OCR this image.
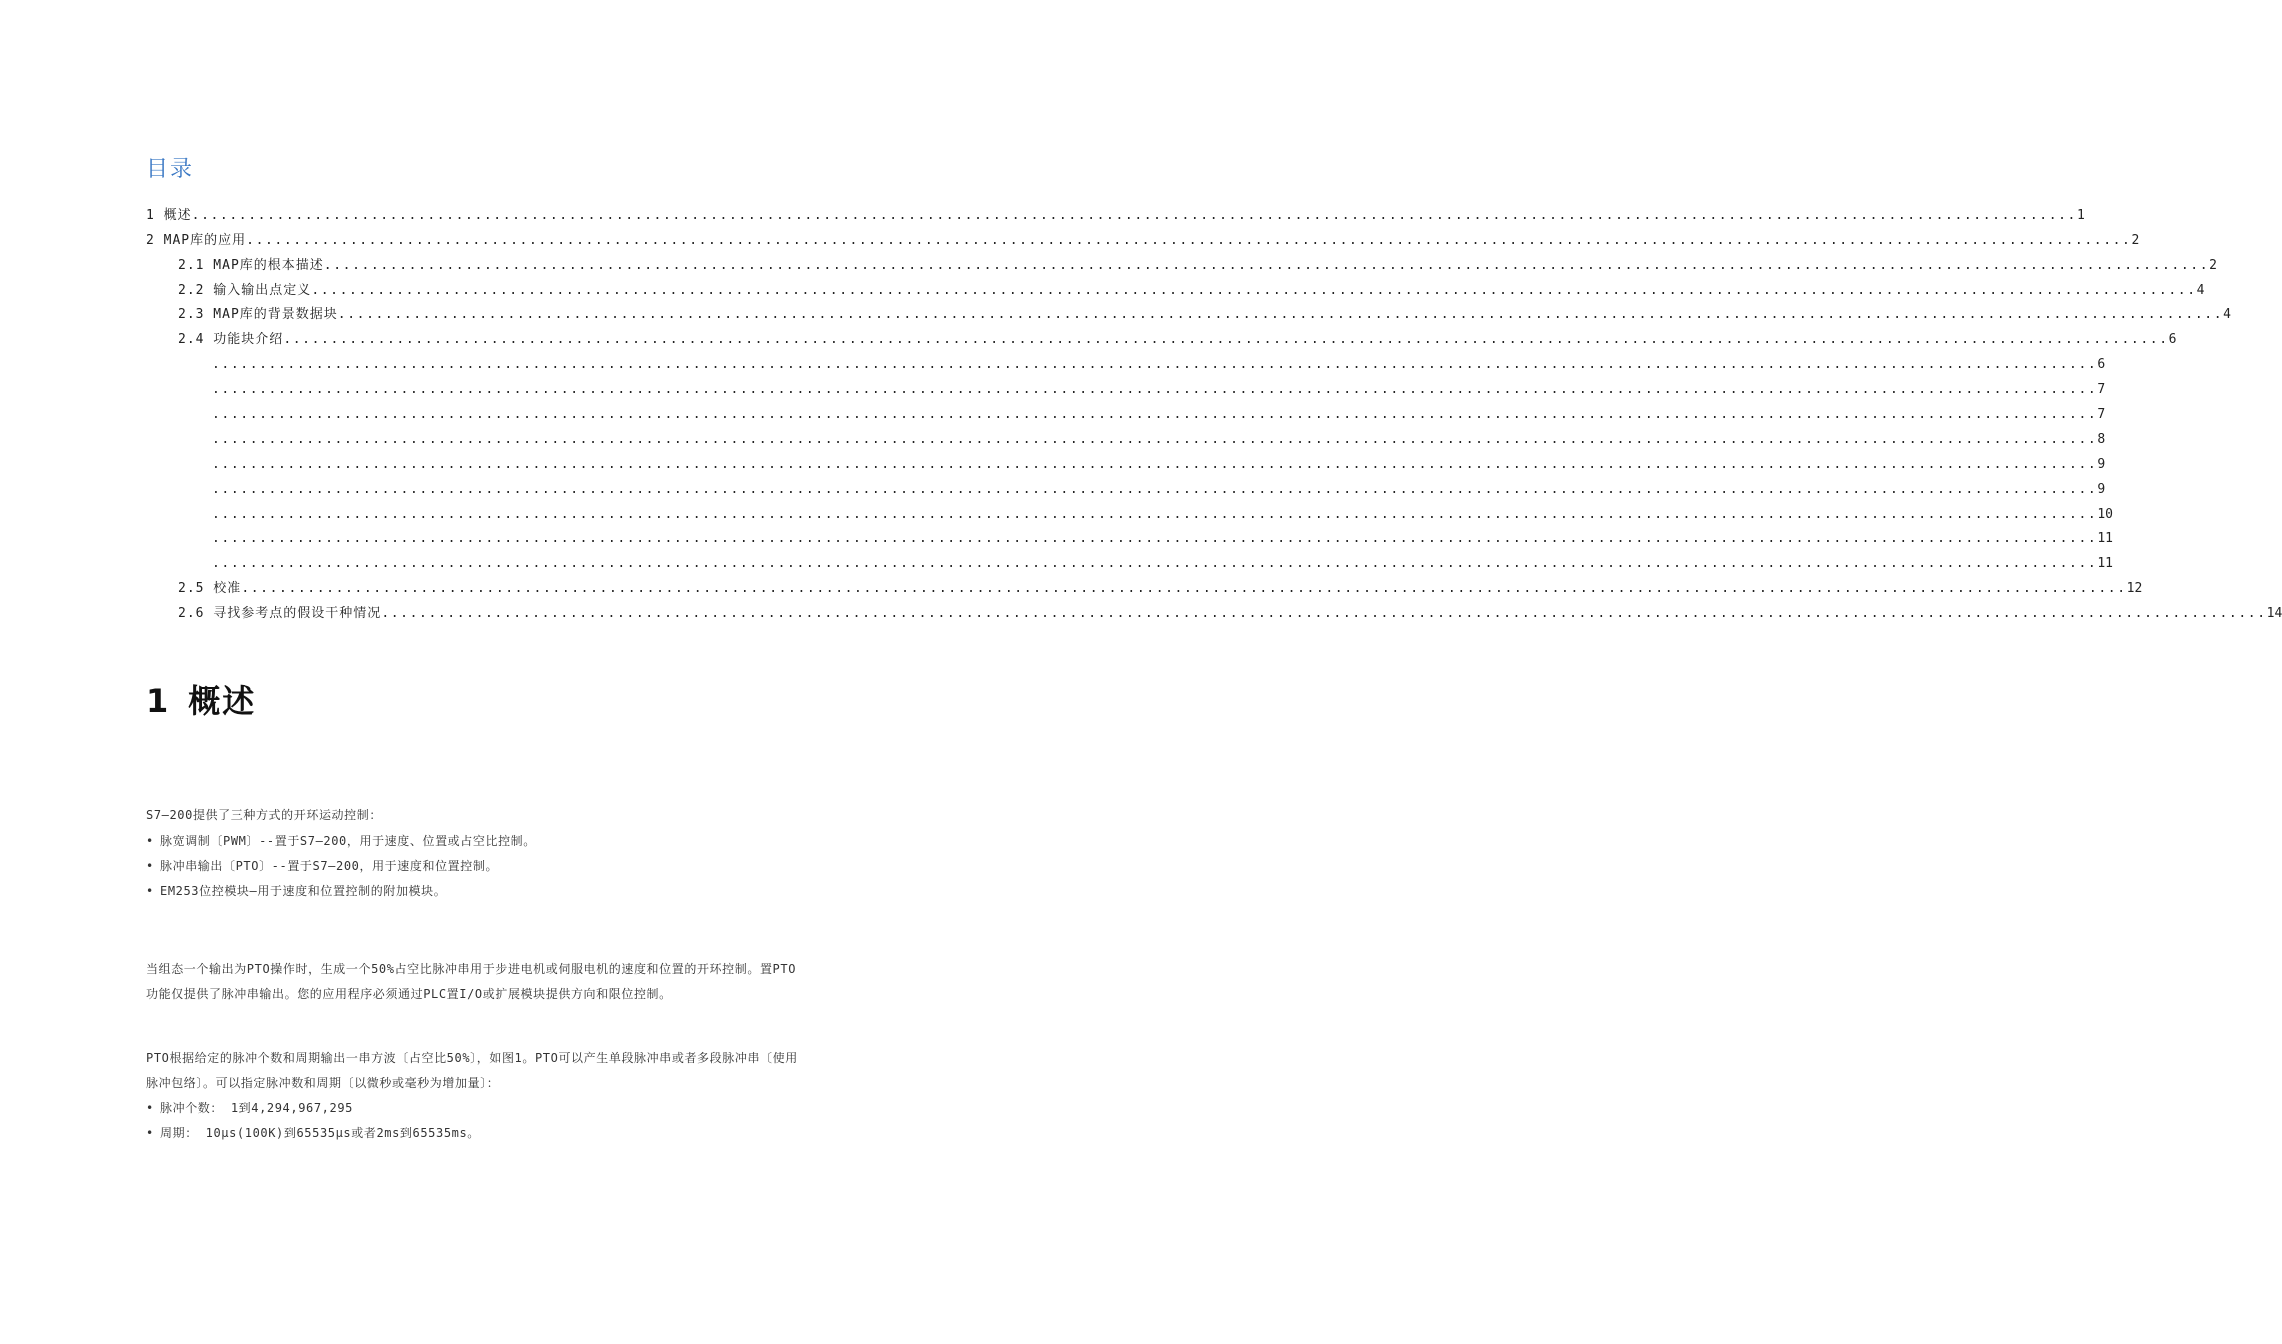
目录
1 概述 ........................................................................................................................................................................................................ 1
2 MAP库的应用 ........................................................................................................................................................................................................ 2
2.1 MAP库的根本描述 ........................................................................................................................................................................................................ 2
2.2 输入输出点定义 ........................................................................................................................................................................................................ 4
2.3 MAP库的背景数据块 ........................................................................................................................................................................................................ 4
2.4 功能块介绍 ........................................................................................................................................................................................................ 6
........................................................................................................................................................................................................ 6
........................................................................................................................................................................................................ 7
........................................................................................................................................................................................................ 7
........................................................................................................................................................................................................ 8
........................................................................................................................................................................................................ 9
........................................................................................................................................................................................................ 9
........................................................................................................................................................................................................ 10
........................................................................................................................................................................................................ 11
........................................................................................................................................................................................................ 11
2.5 校准 ........................................................................................................................................................................................................ 12
2.6 寻找参考点的假设干种情况 ........................................................................................................................................................................................................ 14
1 概述

S7—200提供了三种方式的开环运动控制：

• 脉宽调制〔PWM〕--置于S7—200，用于速度、位置或占空比控制。
• 脉冲串输出〔PTO〕--置于S7—200，用于速度和位置控制。
• EM253位控模块—用于速度和位置控制的附加模块。

当组态一个输出为PTO操作时，生成一个50%占空比脉冲串用于步进电机或伺服电机的速度和位置的开环控制。置PTO功能仅提供了脉冲串输出。您的应用程序必须通过PLC置I/O或扩展模块提供方向和限位控制。

PTO根据给定的脉冲个数和周期输出一串方波〔占空比50%〕，如图1。PTO可以产生单段脉冲串或者多段脉冲串〔使用脉冲包络〕。可以指定脉冲数和周期〔以微秒或毫秒为增加量〕：

• 脉冲个数： 1到4,294,967,295
• 周期： 10μs(100K)到65535μs或者2ms到65535ms。
